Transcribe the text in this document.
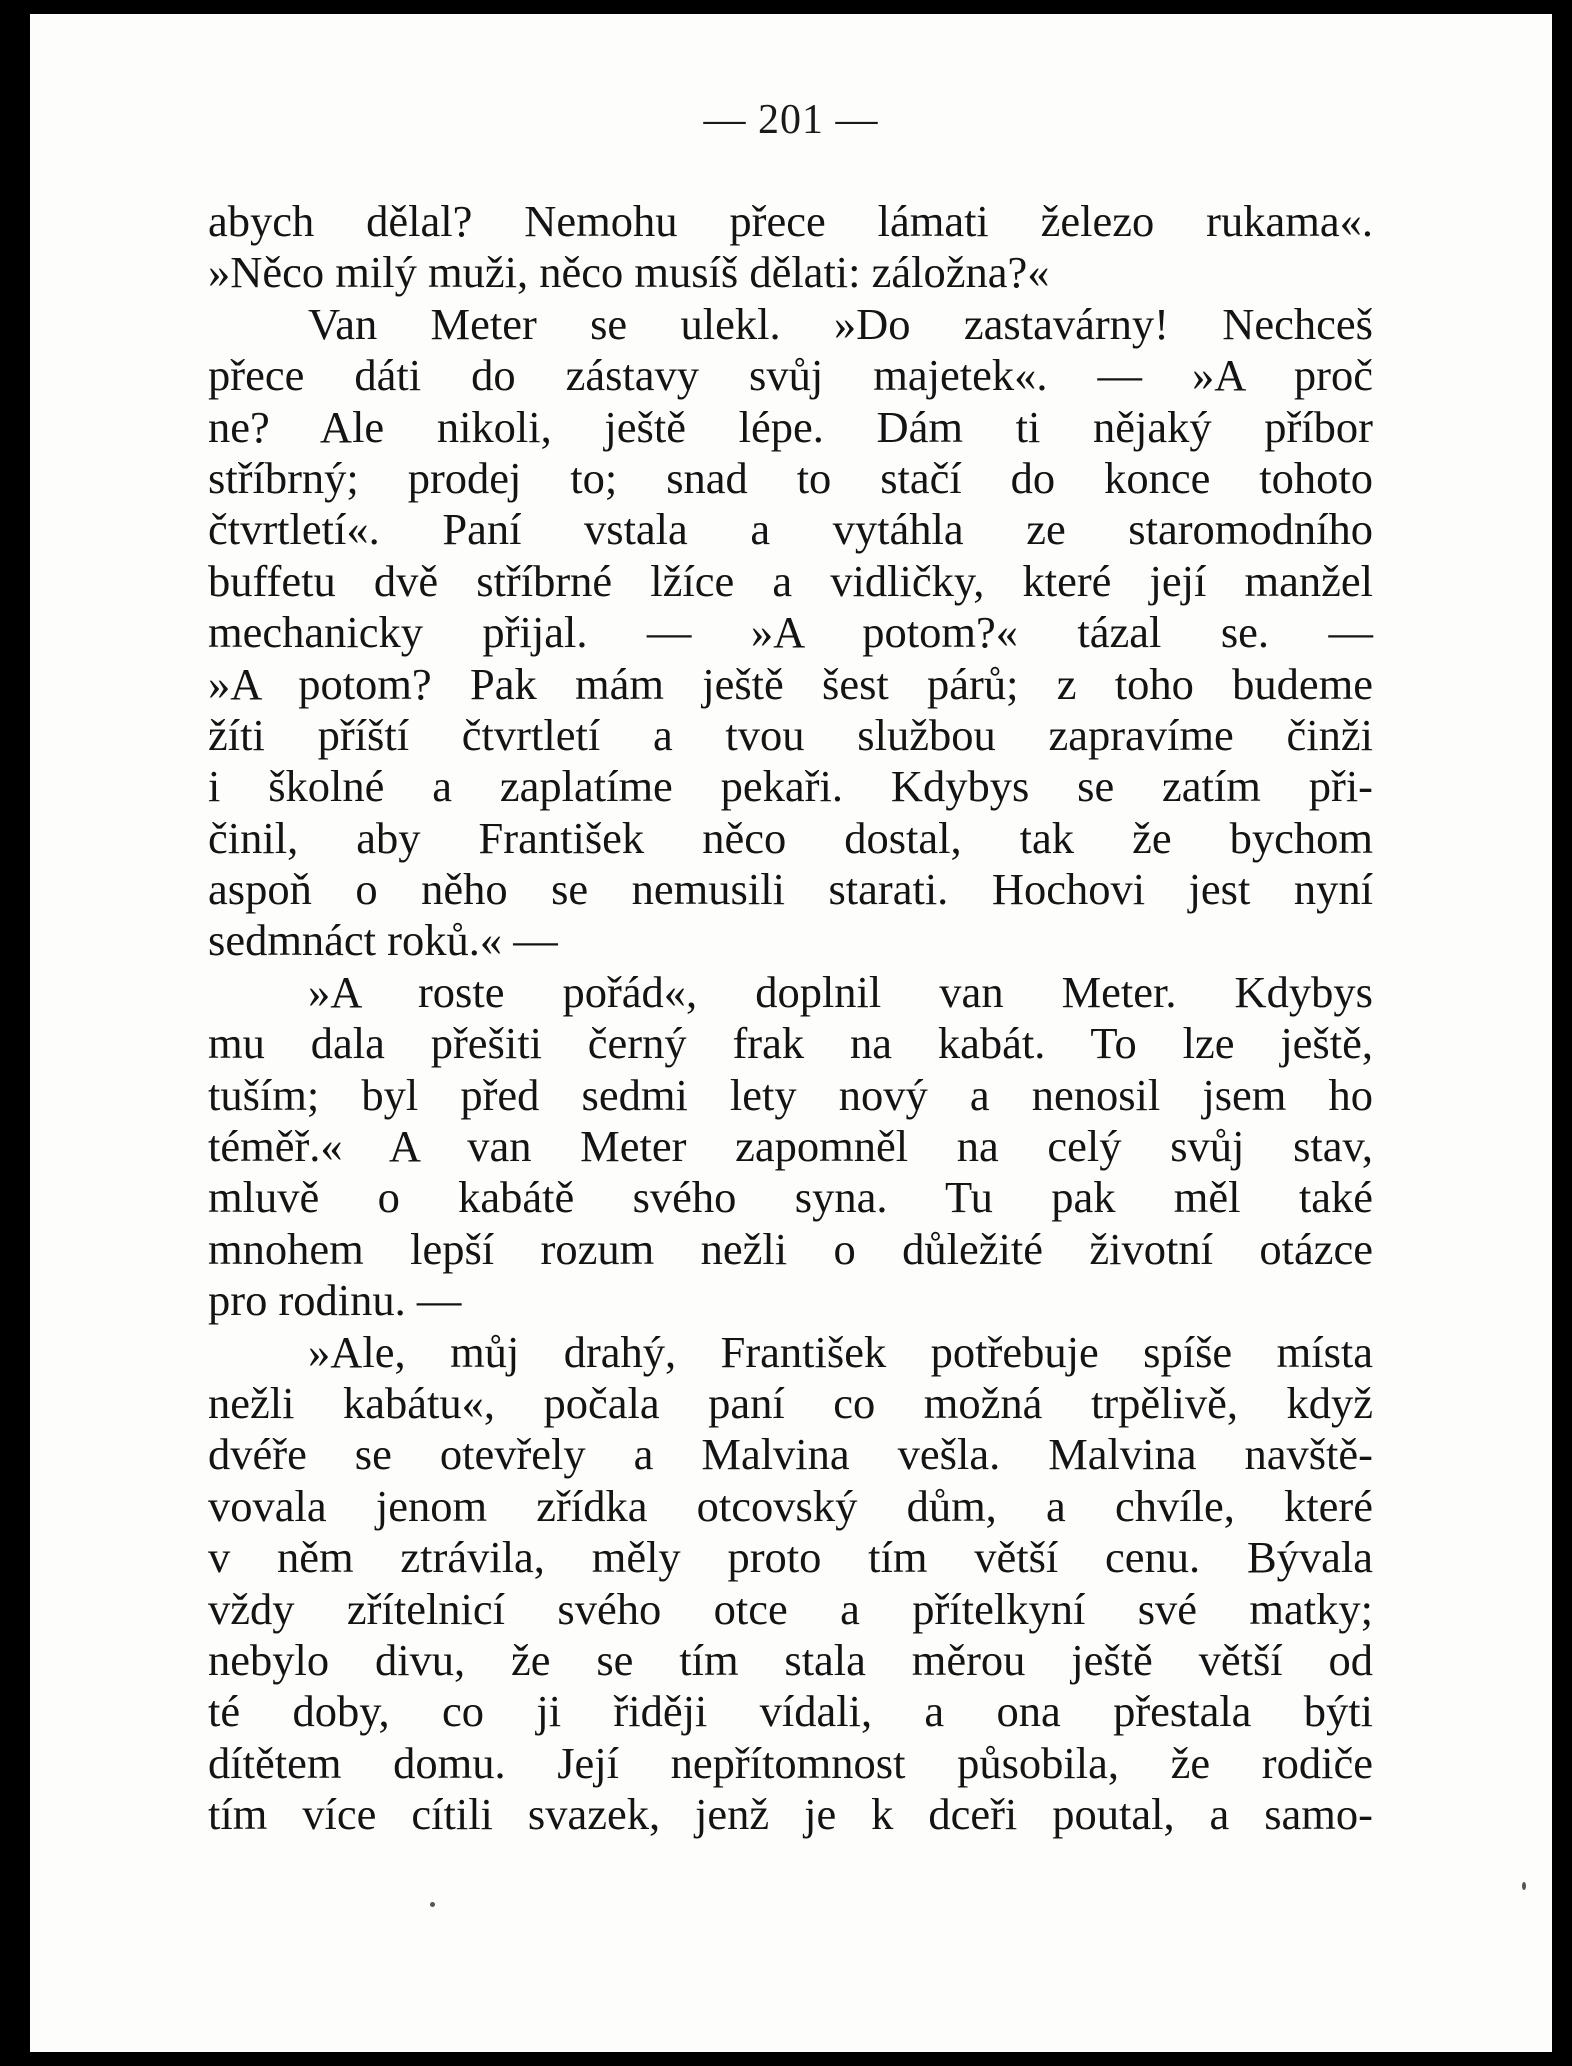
— 201 —
abych dělal? Nemohu přece lámati železo rukama«.
»Něco milý muži, něco musíš dělati: záložna?«
Van Meter se ulekl. »Do zastavárny! Nechceš
přece dáti do zástavy svůj majetek«. — »A proč
ne? Ale nikoli, ještě lépe. Dám ti nějaký příbor
stříbrný; prodej to; snad to stačí do konce tohoto
čtvrtletí«. Paní vstala a vytáhla ze staromodního
buffetu dvě stříbrné lžíce a vidličky, které její manžel
mechanicky přijal. — »A potom?« tázal se. —
»A potom? Pak mám ještě šest párů; z toho budeme
žíti příští čtvrtletí a tvou službou zapravíme činži
i školné a zaplatíme pekaři. Kdybys se zatím při-
činil, aby František něco dostal, tak že bychom
aspoň o něho se nemusili starati. Hochovi jest nyní
sedmnáct roků.« —
»A roste pořád«, doplnil van Meter. Kdybys
mu dala přešiti černý frak na kabát. To lze ještě,
tuším; byl před sedmi lety nový a nenosil jsem ho
téměř.« A van Meter zapomněl na celý svůj stav,
mluvě o kabátě svého syna. Tu pak měl také
mnohem lepší rozum nežli o důležité životní otázce
pro rodinu. —
»Ale, můj drahý, František potřebuje spíše místa
nežli kabátu«, počala paní co možná trpělivě, když
dvéře se otevřely a Malvina vešla. Malvina navště-
vovala jenom zřídka otcovský dům, a chvíle, které
v něm ztrávila, měly proto tím větší cenu. Bývala
vždy zřítelnicí svého otce a přítelkyní své matky;
nebylo divu, že se tím stala měrou ještě větší od
té doby, co ji řiději vídali, a ona přestala býti
dítětem domu. Její nepřítomnost působila, že rodiče
tím více cítili svazek, jenž je k dceři poutal, a samo-
